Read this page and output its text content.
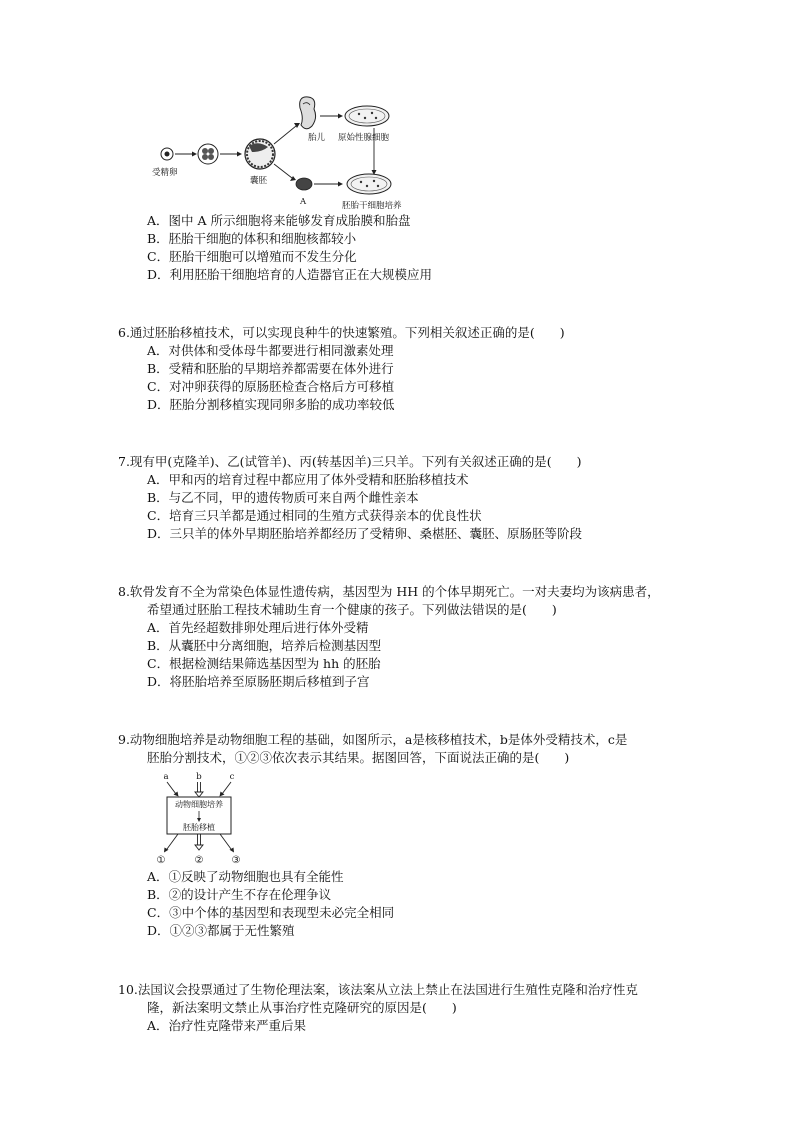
受精卵
囊胚
A
胎儿 原始性腺细胞
胚胎干细胞培养
A．图中 A 所示细胞将来能够发育成胎膜和胎盘
B．胚胎干细胞的体积和细胞核都较小
C．胚胎干细胞可以增殖而不发生分化
D．利用胚胎干细胞培育的人造器官正在大规模应用
6.通过胚胎移植技术，可以实现良种牛的快速繁殖。下列相关叙述正确的是(　　)
A．对供体和受体母牛都要进行相同激素处理
B．受精和胚胎的早期培养都需要在体外进行
C．对冲卵获得的原肠胚检查合格后方可移植
D．胚胎分割移植实现同卵多胎的成功率较低
7.现有甲(克隆羊)、乙(试管羊)、丙(转基因羊)三只羊。下列有关叙述正确的是(　　)
A．甲和丙的培育过程中都应用了体外受精和胚胎移植技术
B．与乙不同，甲的遗传物质可来自两个雌性亲本
C．培育三只羊都是通过相同的生殖方式获得亲本的优良性状
D．三只羊的体外早期胚胎培养都经历了受精卵、桑椹胚、囊胚、原肠胚等阶段
8.软骨发育不全为常染色体显性遗传病，基因型为 HH 的个体早期死亡。一对夫妻均为该病患者，
希望通过胚胎工程技术辅助生育一个健康的孩子。下列做法错误的是(　　)
A．首先经超数排卵处理后进行体外受精
B．从囊胚中分离细胞，培养后检测基因型
C．根据检测结果筛选基因型为 hh 的胚胎
D．将胚胎培养至原肠胚期后移植到子宫
9.动物细胞培养是动物细胞工程的基础，如图所示，a是核移植技术，b是体外受精技术，c是
胚胎分割技术，①②③依次表示其结果。据图回答，下面说法正确的是(　　)
a	b	c
动物细胞培养
胚胎移植
①	②	③
A．①反映了动物细胞也具有全能性
B．②的设计产生不存在伦理争议
C．③中个体的基因型和表现型未必完全相同
D．①②③都属于无性繁殖
10.法国议会投票通过了生物伦理法案，该法案从立法上禁止在法国进行生殖性克隆和治疗性克
隆，新法案明文禁止从事治疗性克隆研究的原因是(　　)
A．治疗性克隆带来严重后果
